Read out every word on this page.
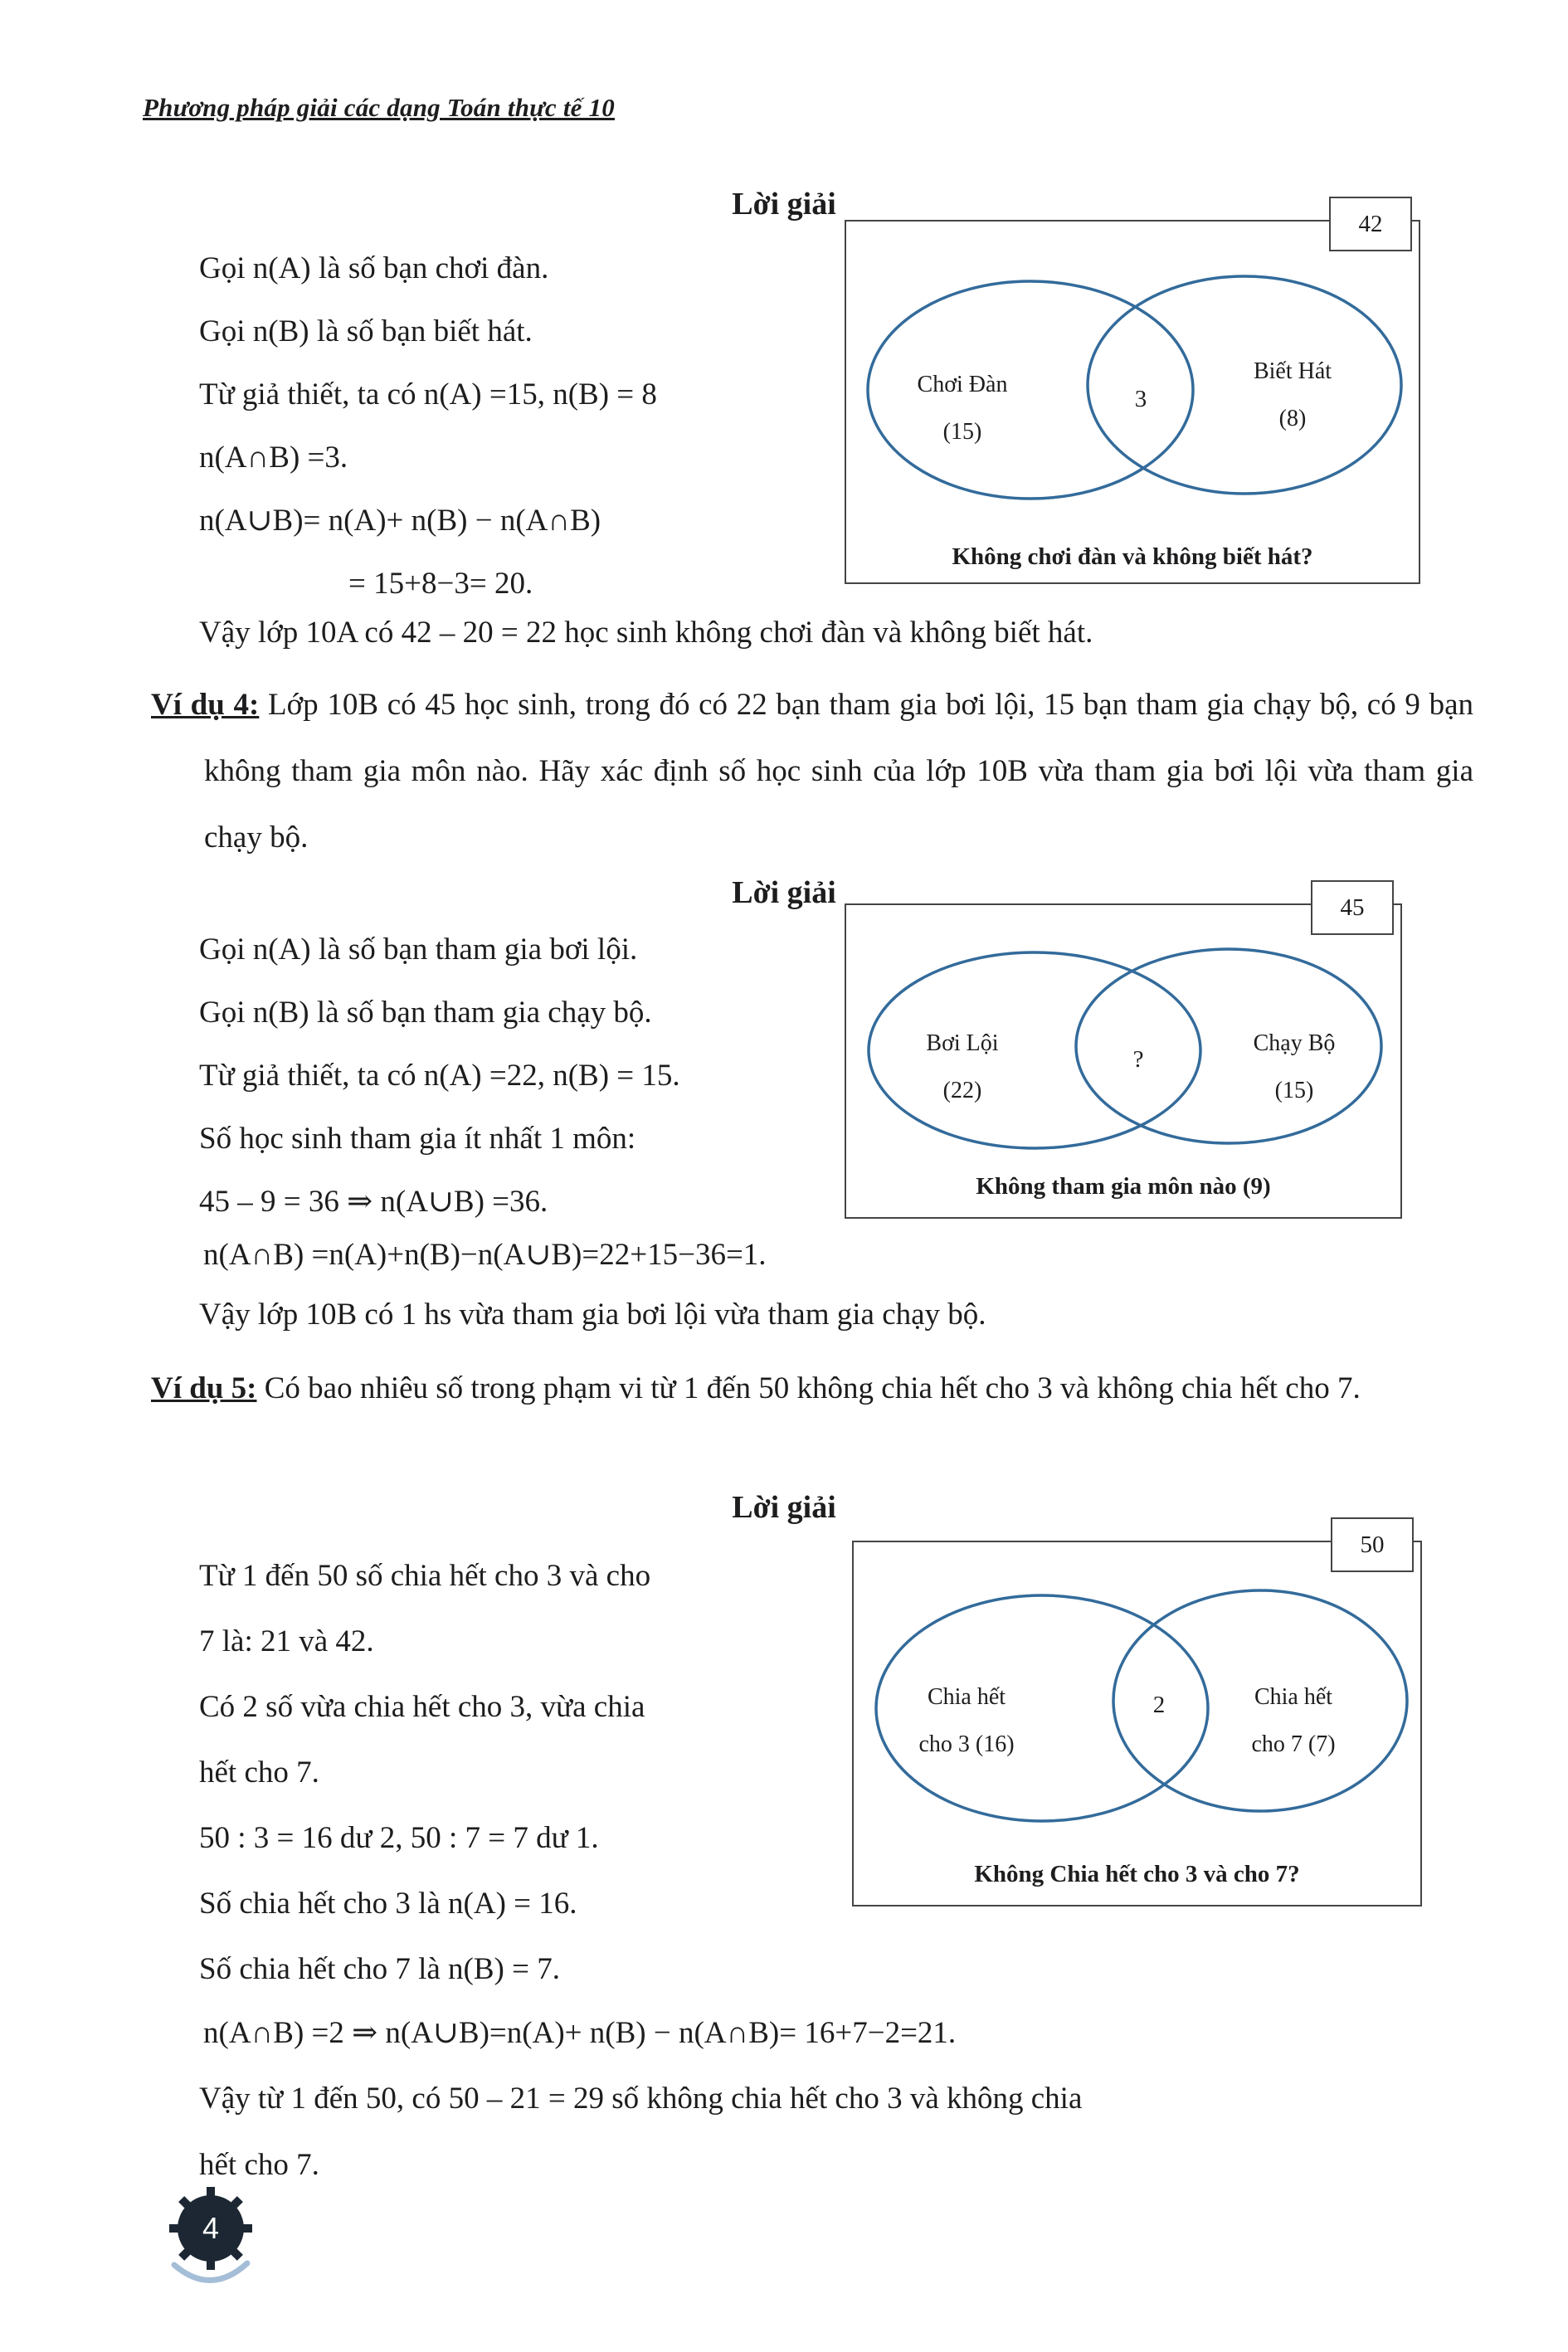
Phương pháp giải các dạng Toán thực tế 10
Lời giải
Gọi n(A) là số bạn chơi đàn.
Gọi n(B) là số bạn biết hát.
Từ giả thiết, ta có n(A) =15, n(B) = 8
n(A∩B) =3.
n(A∪B)= n(A)+ n(B) − n(A∩B)
= 15+8−3= 20.
42
Chơi Đàn
(15)
3
Biết Hát
(8)
Không chơi đàn và không biết hát?
Vậy lớp 10A có 42 – 20 = 22 học sinh không chơi đàn và không biết hát.
Ví dụ 4: Lớp 10B có 45 học sinh, trong đó có 22 bạn tham gia bơi lội, 15 bạn tham gia chạy bộ, có 9 bạn không tham gia môn nào. Hãy xác định số học sinh của lớp 10B vừa tham gia bơi lội vừa tham gia chạy bộ.
Lời giải
Gọi n(A) là số bạn tham gia bơi lội.
Gọi n(B) là số bạn tham gia chạy bộ.
Từ giả thiết, ta có n(A) =22, n(B) = 15.
Số học sinh tham gia ít nhất 1 môn:
45 – 9 = 36 ⇒ n(A∪B) =36.
45
Bơi Lội
(22)
?
Chạy Bộ
(15)
Không tham gia môn nào (9)
n(A∩B) =n(A)+n(B)−n(A∪B)=22+15−36=1.
Vậy lớp 10B có 1 hs vừa tham gia bơi lội vừa tham gia chạy bộ.
Ví dụ 5: Có bao nhiêu số trong phạm vi từ 1 đến 50 không chia hết cho 3 và không chia hết cho 7.
Lời giải
Từ 1 đến 50 số chia hết cho 3 và cho
7 là: 21 và 42.
Có 2 số vừa chia hết cho 3, vừa chia
hết cho 7.
50 : 3 = 16 dư 2, 50 : 7 = 7 dư 1.
Số chia hết cho 3 là n(A) = 16.
Số chia hết cho 7 là n(B) = 7.
50
Chia hết
cho 3 (16)
2	Chia hết
cho 7 (7)
Không Chia hết cho 3 và cho 7?
n(A∩B) =2 ⇒ n(A∪B)=n(A)+ n(B) − n(A∩B)= 16+7−2=21.
Vậy từ 1 đến 50, có 50 – 21 = 29 số không chia hết cho 3 và không chia
hết cho 7.
4
